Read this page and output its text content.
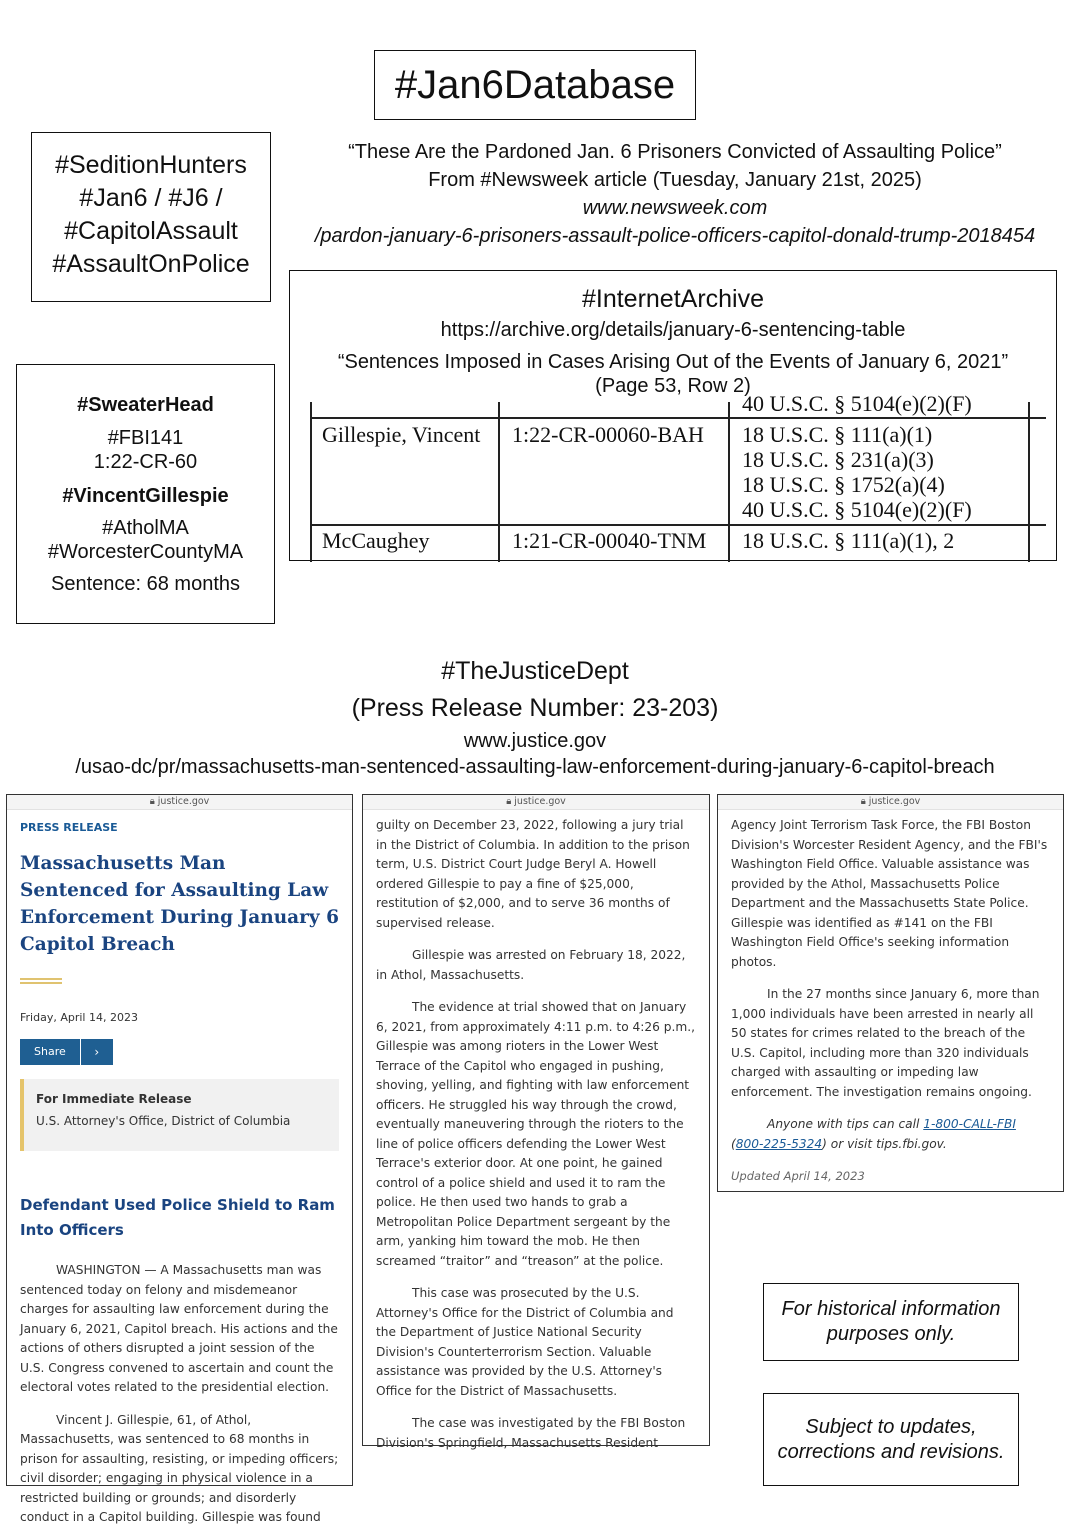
#Jan6Database
#SeditionHunters
#Jan6 / #J6 /
#CapitolAssault
#AssaultOnPolice
#SweaterHead
#FBI141
1:22-CR-60
#VincentGillespie
#AtholMA
#WorcesterCountyMA
Sentence: 68 months
“These Are the Pardoned Jan. 6 Prisoners Convicted of Assaulting Police”
From #Newsweek article (Tuesday, January 21st, 2025)
www.newsweek.com
/pardon-january-6-prisoners-assault-police-officers-capitol-donald-trump-2018454
#InternetArchive
https://archive.org/details/january-6-sentencing-table
“Sentences Imposed in Cases Arising Out of the Events of January 6, 2021”
(Page 53, Row 2)
40 U.S.C. § 5104(e)(2)(F)
Gillespie, Vincent 1:22-CR-00060-BAH 18 U.S.C. § 111(a)(1)
18 U.S.C. § 231(a)(3)
18 U.S.C. § 1752(a)(4)
40 U.S.C. § 5104(e)(2)(F)
McCaughey	1:21-CR-00040-TNM 18 U.S.C. § 111(a)(1), 2
#TheJusticeDept
(Press Release Number: 23-203)
www.justice.gov
/usao-dc/pr/massachusetts-man-sentenced-assaulting-law-enforcement-during-january-6-capitol-breach
🔒︎ justice.gov
PRESS RELEASE
Massachusetts Man Sentenced for Assaulting Law Enforcement During January 6 Capitol Breach
Friday, April 14, 2023
Share	›
For Immediate Release
U.S. Attorney's Office, District of Columbia
Defendant Used Police Shield to Ram Into Officers

WASHINGTON — A Massachusetts man was sentenced today on felony and misdemeanor charges for assaulting law enforcement during the January 6, 2021, Capitol breach. His actions and the actions of others disrupted a joint session of the U.S. Congress convened to ascertain and count the electoral votes related to the presidential election.

Vincent J. Gillespie, 61, of Athol, Massachusetts, was sentenced to 68 months in prison for assaulting, resisting, or impeding officers; civil disorder; engaging in physical violence in a restricted building or grounds; and disorderly conduct in a Capitol building. Gillespie was found

🔒︎ justice.gov

guilty on December 23, 2022, following a jury trial in the District of Columbia. In addition to the prison term, U.S. District Court Judge Beryl A. Howell ordered Gillespie to pay a fine of $25,000, restitution of $2,000, and to serve 36 months of supervised release.

Gillespie was arrested on February 18, 2022, in Athol, Massachusetts.

The evidence at trial showed that on January 6, 2021, from approximately 4:11 p.m. to 4:26 p.m., Gillespie was among rioters in the Lower West Terrace of the Capitol who engaged in pushing, shoving, yelling, and fighting with law enforcement officers. He struggled his way through the crowd, eventually maneuvering through the rioters to the line of police officers defending the Lower West Terrace's exterior door. At one point, he gained control of a police shield and used it to ram the police. He then used two hands to grab a Metropolitan Police Department sergeant by the arm, yanking him toward the mob. He then screamed “traitor” and “treason” at the police.

This case was prosecuted by the U.S. Attorney's Office for the District of Columbia and the Department of Justice National Security Division's Counterterrorism Section. Valuable assistance was provided by the U.S. Attorney's Office for the District of Massachusetts.

The case was investigated by the FBI Boston Division's Springfield, Massachusetts Resident

🔒︎ justice.gov

Agency Joint Terrorism Task Force, the FBI Boston Division's Worcester Resident Agency, and the FBI's Washington Field Office. Valuable assistance was provided by the Athol, Massachusetts Police Department and the Massachusetts State Police. Gillespie was identified as #141 on the FBI Washington Field Office's seeking information photos.

In the 27 months since January 6, more than 1,000 individuals have been arrested in nearly all 50 states for crimes related to the breach of the U.S. Capitol, including more than 320 individuals charged with assaulting or impeding law enforcement. The investigation remains ongoing.

Anyone with tips can call 1-800-CALL-FBI (800-225-5324) or visit tips.fbi.gov.

Updated April 14, 2023
For historical information purposes only.
Subject to updates, corrections and revisions.
